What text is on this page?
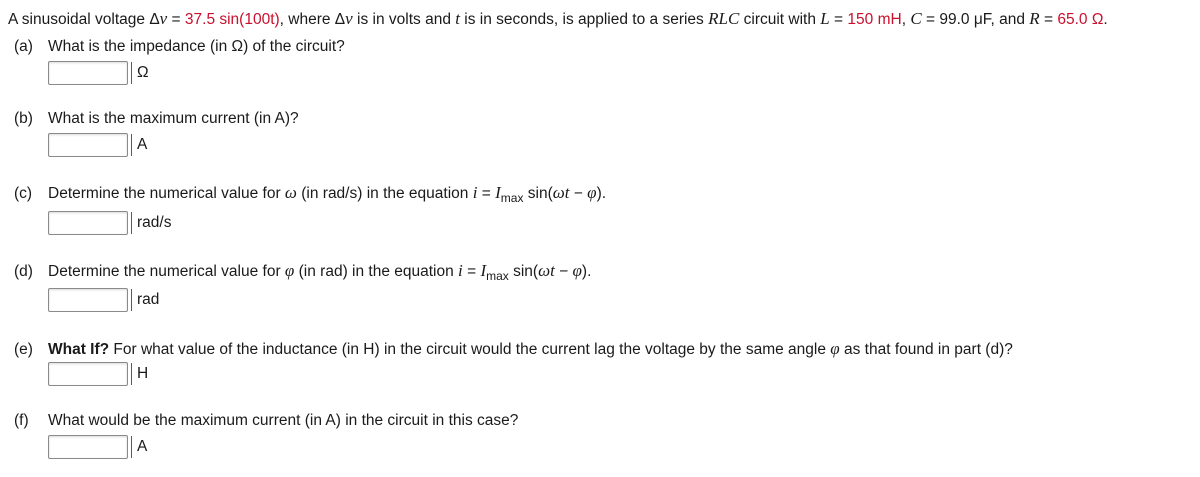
A sinusoidal voltage Δv = 37.5 sin(100t), where Δv is in volts and t is in seconds, is applied to a series RLC circuit with L = 150 mH, C = 99.0 μF, and R = 65.0 Ω.
(a) What is the impedance (in Ω) of the circuit?
Ω
(b) What is the maximum current (in A)?
A
(c) Determine the numerical value for ω (in rad/s) in the equation $i = I_{max}$ sin(ωt − φ).
rad/s
(d) Determine the numerical value for φ (in rad) in the equation $i = I_{max}$ sin(ωt − φ).
rad
(e) What If? For what value of the inductance (in H) in the circuit would the current lag the voltage by the same angle φ as that found in part (d)?
H
(f) What would be the maximum current (in A) in the circuit in this case?
A
